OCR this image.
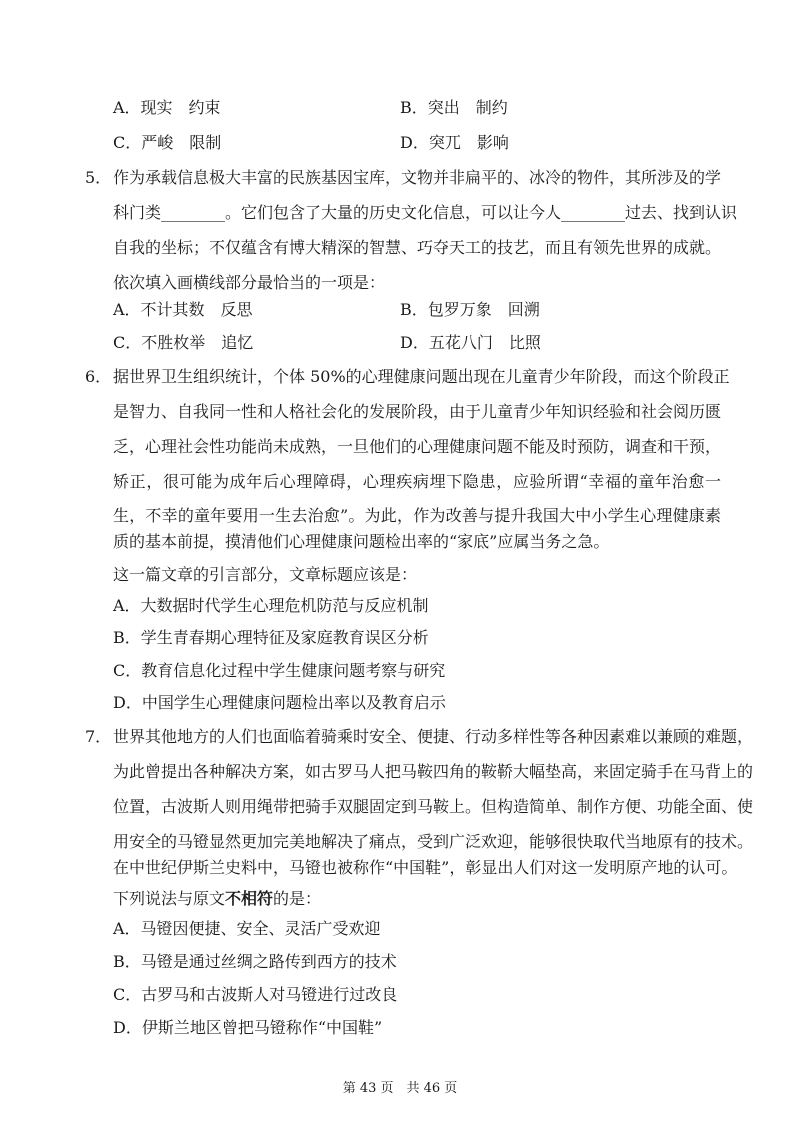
A．现实　约束	B．突出　制约
C．严峻　限制	D．突兀　影响
5． 作为承载信息极大丰富的民族基因宝库，文物并非扁平的、冰冷的物件，其所涉及的学
科门类________。它们包含了大量的历史文化信息，可以让今人________过去、找到认识
自我的坐标；不仅蕴含有博大精深的智慧、巧夺天工的技艺，而且有领先世界的成就。
依次填入画横线部分最恰当的一项是：
A．不计其数　反思	B．包罗万象　回溯
C．不胜枚举　追忆	D．五花八门　比照
6． 据世界卫生组织统计，个体 50%的心理健康问题出现在儿童青少年阶段，而这个阶段正
是智力、自我同一性和人格社会化的发展阶段，由于儿童青少年知识经验和社会阅历匮
乏，心理社会性功能尚未成熟，一旦他们的心理健康问题不能及时预防，调查和干预，
矫正，很可能为成年后心理障碍，心理疾病埋下隐患，应验所谓“幸福的童年治愈一
生，不幸的童年要用一生去治愈”。为此，作为改善与提升我国大中小学生心理健康素
质的基本前提，摸清他们心理健康问题检出率的“家底”应属当务之急。
这一篇文章的引言部分，文章标题应该是：
A．大数据时代学生心理危机防范与反应机制
B．学生青春期心理特征及家庭教育误区分析
C．教育信息化过程中学生健康问题考察与研究
D．中国学生心理健康问题检出率以及教育启示
7． 世界其他地方的人们也面临着骑乘时安全、便捷、行动多样性等各种因素难以兼顾的难题，
为此曾提出各种解决方案，如古罗马人把马鞍四角的鞍鞒大幅垫高，来固定骑手在马背上的
位置，古波斯人则用绳带把骑手双腿固定到马鞍上。但构造简单、制作方便、功能全面、使
用安全的马镫显然更加完美地解决了痛点，受到广泛欢迎，能够很快取代当地原有的技术。
在中世纪伊斯兰史料中，马镫也被称作“中国鞋”，彰显出人们对这一发明原产地的认可。
下列说法与原文不相符的是：
A．马镫因便捷、安全、灵活广受欢迎
B．马镫是通过丝绸之路传到西方的技术
C．古罗马和古波斯人对马镫进行过改良
D．伊斯兰地区曾把马镫称作“中国鞋”
第 43 页　共 46 页
